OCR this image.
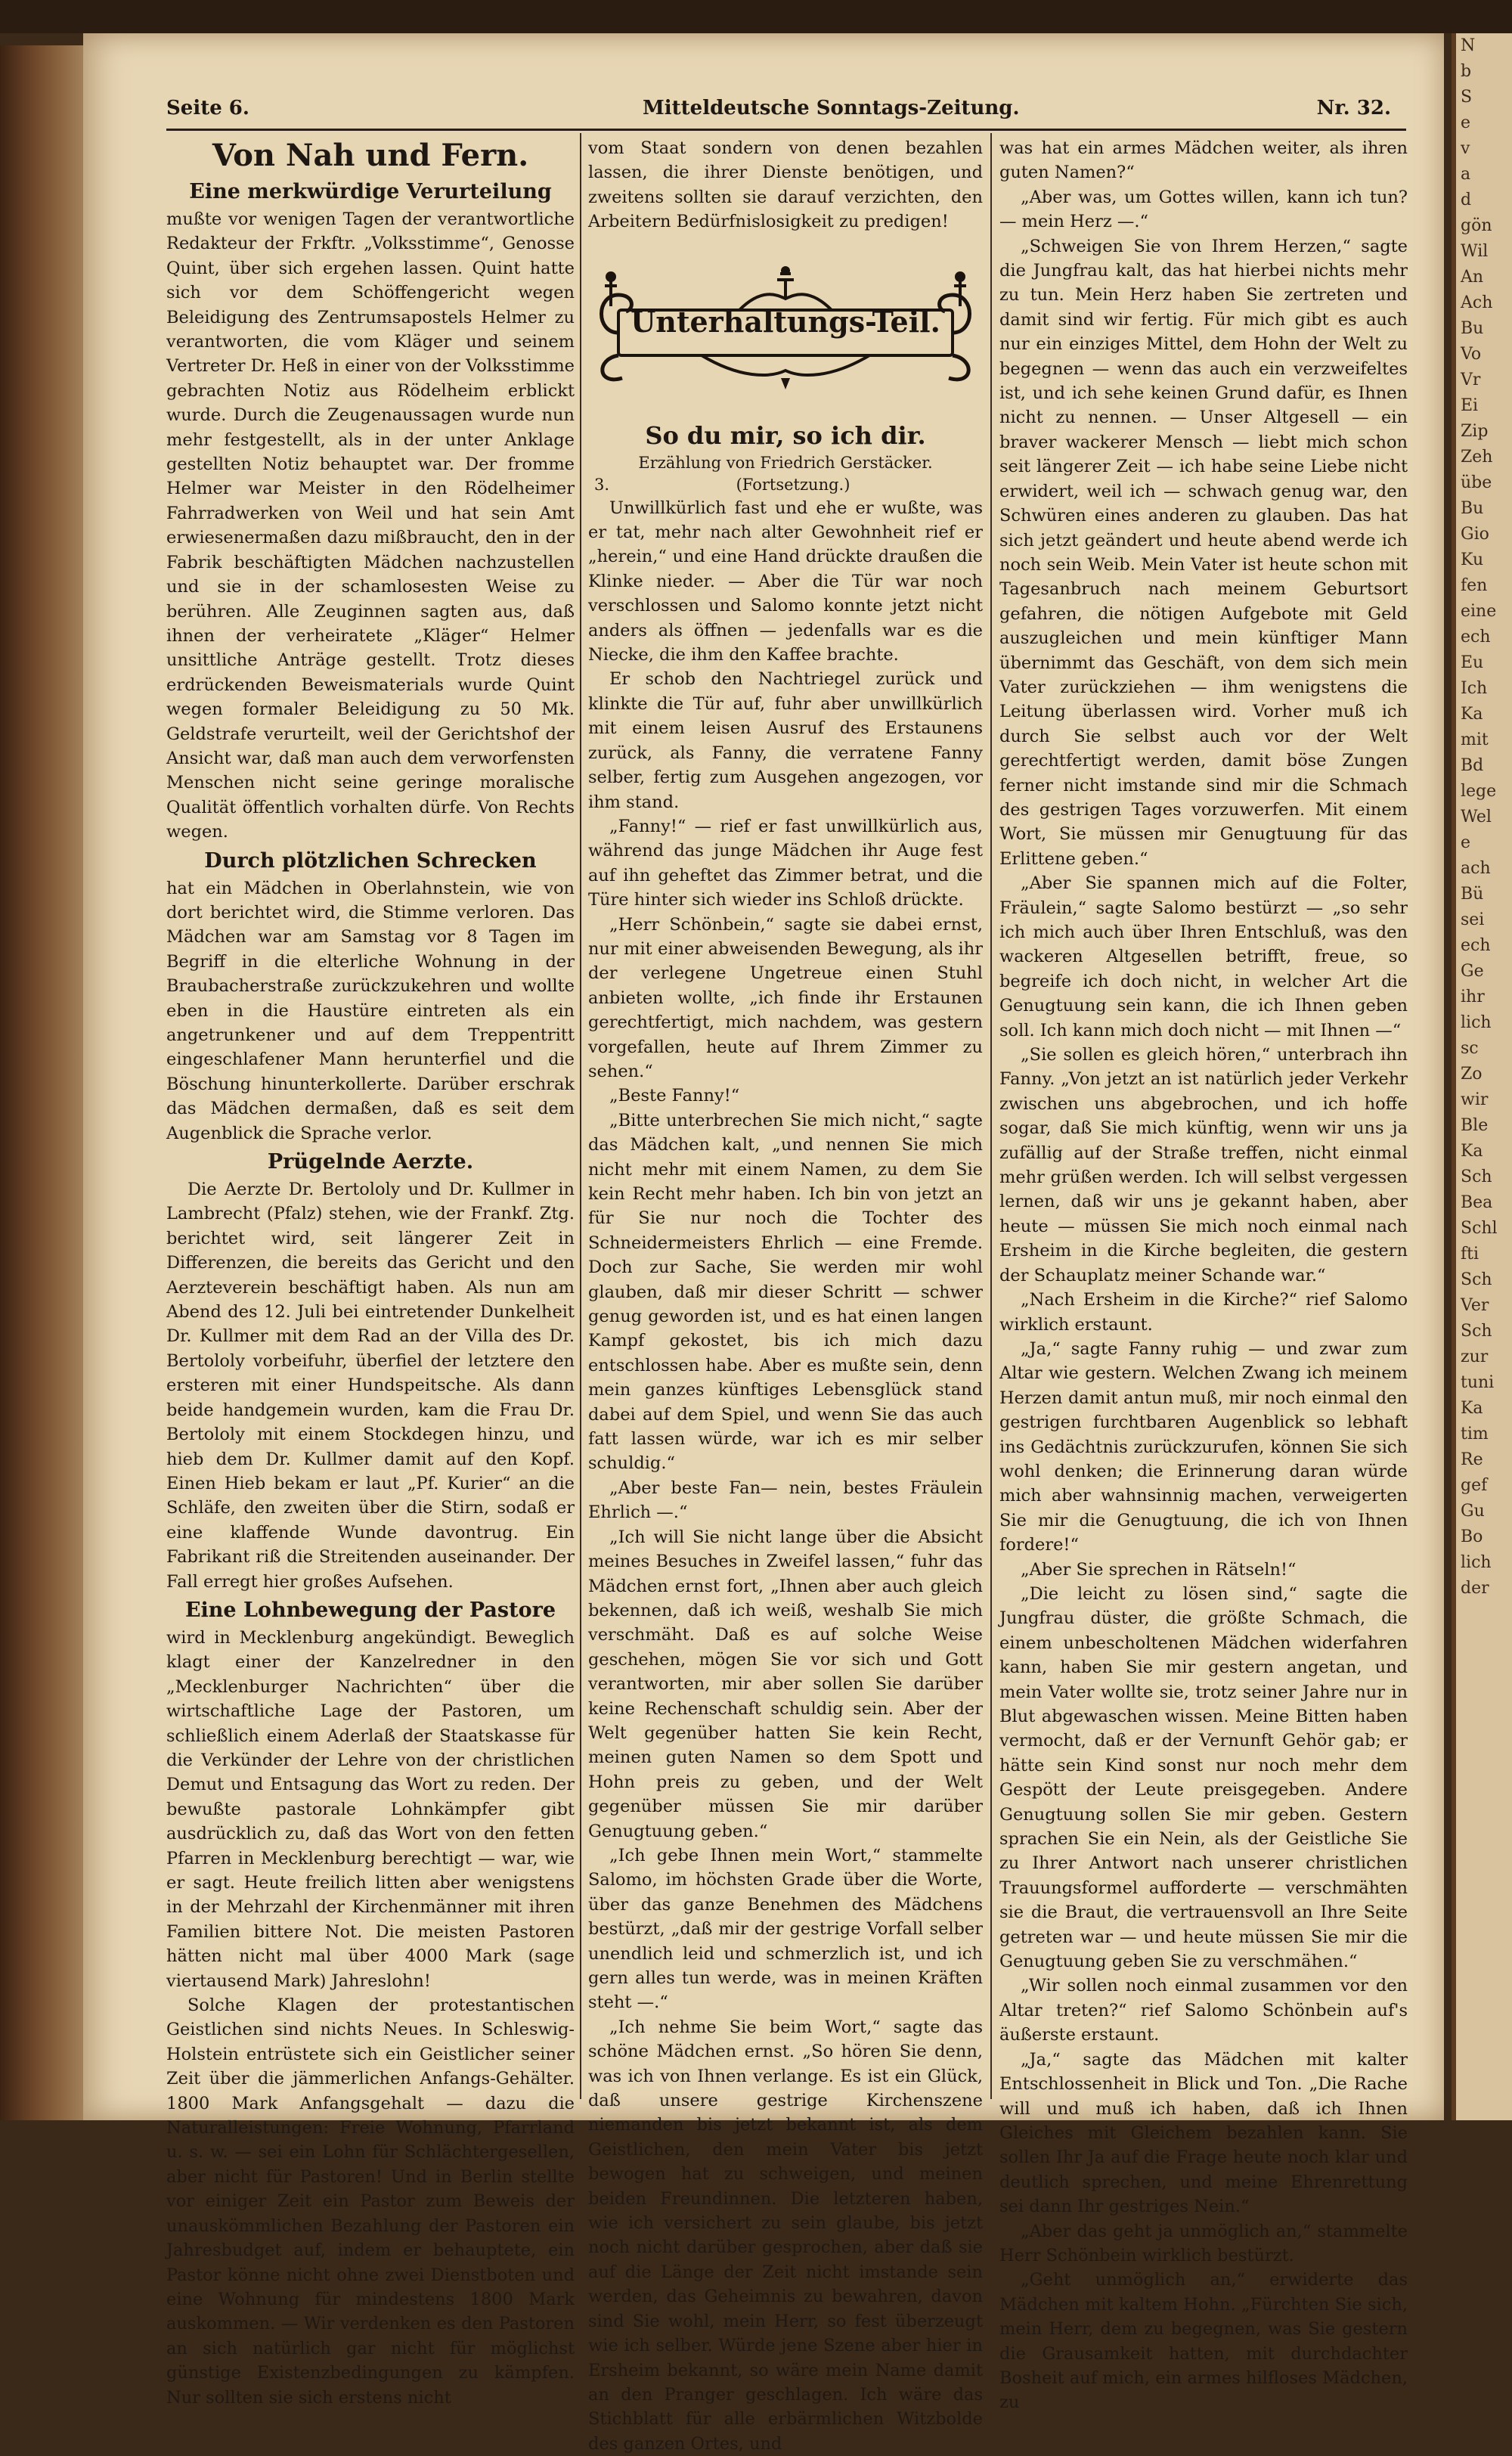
N
b
S
e
v
a
d
gön
Wil
An
Ach
Bu
Vo
Vr
Ei
Zip
Zeh
übe
Bu
Gio
Ku
fen
eine
ech
Eu
Ich
Ka
mit
Bd
lege
Wel
e
ach
Bü
sei
ech
Ge
ihr
lich
sc
Zo
wir
Ble
Ka
Sch
Bea
Schl
fti
Sch
Ver
Sch
zur
tuni
Ka
tim
Re
gef
Gu
Bo
lich
der
Seite 6.	Mitteldeutsche Sonntags-Zeitung.	Nr. 32.
Von Nah und Fern.
Eine merkwürdige Verurteilung

mußte vor wenigen Tagen der verantwortliche Redakteur der Frkftr. „Volksstimme“, Genosse Quint, über sich ergehen lassen. Quint hatte sich vor dem Schöffengericht wegen Beleidigung des Zentrumsapostels Helmer zu verantworten, die vom Kläger und seinem Vertreter Dr. Heß in einer von der Volksstimme gebrachten Notiz aus Rödelheim erblickt wurde. Durch die Zeugenaussagen wurde nun mehr festgestellt, als in der unter Anklage gestellten Notiz behauptet war. Der fromme Helmer war Meister in den Rödelheimer Fahrradwerken von Weil und hat sein Amt erwiesenermaßen dazu mißbraucht, den in der Fabrik beschäftigten Mädchen nachzustellen und sie in der schamlosesten Weise zu berühren. Alle Zeuginnen sagten aus, daß ihnen der verheiratete „Kläger“ Helmer unsittliche Anträge gestellt. Trotz dieses erdrückenden Beweismaterials wurde Quint wegen formaler Beleidigung zu 50 Mk. Geldstrafe verurteilt, weil der Gerichtshof der Ansicht war, daß man auch dem verworfensten Menschen nicht seine geringe moralische Qualität öffentlich vorhalten dürfe. Von Rechts wegen.

Durch plötzlichen Schrecken

hat ein Mädchen in Oberlahnstein, wie von dort berichtet wird, die Stimme verloren. Das Mädchen war am Samstag vor 8 Tagen im Begriff in die elterliche Wohnung in der Braubacherstraße zurückzukehren und wollte eben in die Haustüre eintreten als ein angetrunkener und auf dem Treppentritt eingeschlafener Mann herunterfiel und die Böschung hinunterkollerte. Darüber erschrak das Mädchen dermaßen, daß es seit dem Augenblick die Sprache verlor.

Prügelnde Aerzte.

Die Aerzte Dr. Bertololy und Dr. Kullmer in Lambrecht (Pfalz) stehen, wie der Frankf. Ztg. berichtet wird, seit längerer Zeit in Differenzen, die bereits das Gericht und den Aerzteverein beschäftigt haben. Als nun am Abend des 12. Juli bei eintretender Dunkelheit Dr. Kullmer mit dem Rad an der Villa des Dr. Bertololy vorbeifuhr, überfiel der letztere den ersteren mit einer Hundspeitsche. Als dann beide handgemein wurden, kam die Frau Dr. Bertololy mit einem Stockdegen hinzu, und hieb dem Dr. Kullmer damit auf den Kopf. Einen Hieb bekam er laut „Pf. Kurier“ an die Schläfe, den zweiten über die Stirn, sodaß er eine klaffende Wunde davontrug. Ein Fabrikant riß die Streitenden auseinander. Der Fall erregt hier großes Aufsehen.

Eine Lohnbewegung der Pastore

wird in Mecklenburg angekündigt. Beweglich klagt einer der Kanzelredner in den „Mecklenburger Nachrichten“ über die wirtschaftliche Lage der Pastoren, um schließlich einem Aderlaß der Staatskasse für die Verkünder der Lehre von der christlichen Demut und Entsagung das Wort zu reden. Der bewußte pastorale Lohnkämpfer gibt ausdrücklich zu, daß das Wort von den fetten Pfarren in Mecklenburg berechtigt — war, wie er sagt. Heute freilich litten aber wenigstens in der Mehrzahl der Kirchenmänner mit ihren Familien bittere Not. Die meisten Pastoren hätten nicht mal über 4000 Mark (sage viertausend Mark) Jahreslohn!

Solche Klagen der protestantischen Geistlichen sind nichts Neues. In Schleswig-Holstein entrüstete sich ein Geistlicher seiner Zeit über die jämmerlichen Anfangs-Gehälter. 1800 Mark Anfangsgehalt — dazu die Naturalleistungen: Freie Wohnung, Pfarrland u. s. w. — sei ein Lohn für Schlächtergesellen, aber nicht für Pastoren! Und in Berlin stellte vor einiger Zeit ein Pastor zum Beweis der unauskömmlichen Bezahlung der Pastoren ein Jahresbudget auf, indem er behauptete, ein Pastor könne nicht ohne zwei Dienstboten und eine Wohnung für mindestens 1800 Mark auskommen. — Wir verdenken es den Pastoren an sich natürlich gar nicht für möglichst günstige Existenzbedingungen zu kämpfen. Nur sollten sie sich erstens nicht

vom Staat sondern von denen bezahlen lassen, die ihrer Dienste benötigen, und zweitens sollten sie darauf verzichten, den Arbeitern Bedürfnislosigkeit zu predigen!

Unterhaltungs-Teil.
So du mir, so ich dir.
Erzählung von Friedrich Gerstäcker.
3.	(Fortsetzung.)

Unwillkürlich fast und ehe er wußte, was er tat, mehr nach alter Gewohnheit rief er „herein,“ und eine Hand drückte draußen die Klinke nieder. — Aber die Tür war noch verschlossen und Salomo konnte jetzt nicht anders als öffnen — jedenfalls war es die Niecke, die ihm den Kaffee brachte.

Er schob den Nachtriegel zurück und klinkte die Tür auf, fuhr aber unwillkürlich mit einem leisen Ausruf des Erstaunens zurück, als Fanny, die verratene Fanny selber, fertig zum Ausgehen angezogen, vor ihm stand.

„Fanny!“ — rief er fast unwillkürlich aus, während das junge Mädchen ihr Auge fest auf ihn geheftet das Zimmer betrat, und die Türe hinter sich wieder ins Schloß drückte.

„Herr Schönbein,“ sagte sie dabei ernst, nur mit einer abweisenden Bewegung, als ihr der verlegene Ungetreue einen Stuhl anbieten wollte, „ich finde ihr Erstaunen gerechtfertigt, mich nachdem, was gestern vorgefallen, heute auf Ihrem Zimmer zu sehen.“

„Beste Fanny!“

„Bitte unterbrechen Sie mich nicht,“ sagte das Mädchen kalt, „und nennen Sie mich nicht mehr mit einem Namen, zu dem Sie kein Recht mehr haben. Ich bin von jetzt an für Sie nur noch die Tochter des Schneidermeisters Ehrlich — eine Fremde. Doch zur Sache, Sie werden mir wohl glauben, daß mir dieser Schritt — schwer genug geworden ist, und es hat einen langen Kampf gekostet, bis ich mich dazu entschlossen habe. Aber es mußte sein, denn mein ganzes künftiges Lebensglück stand dabei auf dem Spiel, und wenn Sie das auch fatt lassen würde, war ich es mir selber schuldig.“

„Aber beste Fan— nein, bestes Fräulein Ehrlich —.“

„Ich will Sie nicht lange über die Absicht meines Besuches in Zweifel lassen,“ fuhr das Mädchen ernst fort, „Ihnen aber auch gleich bekennen, daß ich weiß, weshalb Sie mich verschmäht. Daß es auf solche Weise geschehen, mögen Sie vor sich und Gott verantworten, mir aber sollen Sie darüber keine Rechenschaft schuldig sein. Aber der Welt gegenüber hatten Sie kein Recht, meinen guten Namen so dem Spott und Hohn preis zu geben, und der Welt gegenüber müssen Sie mir darüber Genugtuung geben.“

„Ich gebe Ihnen mein Wort,“ stammelte Salomo, im höchsten Grade über die Worte, über das ganze Benehmen des Mädchens bestürzt, „daß mir der gestrige Vorfall selber unendlich leid und schmerzlich ist, und ich gern alles tun werde, was in meinen Kräften steht —.“

„Ich nehme Sie beim Wort,“ sagte das schöne Mädchen ernst. „So hören Sie denn, was ich von Ihnen verlange. Es ist ein Glück, daß unsere gestrige Kirchenszene niemanden bis jetzt bekannt ist, als dem Geistlichen, den mein Vater bis jetzt bewogen hat zu schweigen, und meinen beiden Freundinnen. Die letzteren haben, wie ich versichert zu sein glaube, bis jetzt noch nicht darüber gesprochen, aber daß sie auf die Länge der Zeit nicht imstande sein werden, das Geheimnis zu bewahren, davon sind Sie wohl, mein Herr, so fest überzeugt wie ich selber. Würde jene Szene aber hier in Ersheim bekannt, so wäre mein Name damit an den Pranger geschlagen. Ich wäre das Stichblatt für alle erbärmlichen Witzbolde des ganzen Ortes, und

was hat ein armes Mädchen weiter, als ihren guten Namen?“

„Aber was, um Gottes willen, kann ich tun? — mein Herz —.“

„Schweigen Sie von Ihrem Herzen,“ sagte die Jungfrau kalt, das hat hierbei nichts mehr zu tun. Mein Herz haben Sie zertreten und damit sind wir fertig. Für mich gibt es auch nur ein einziges Mittel, dem Hohn der Welt zu begegnen — wenn das auch ein verzweifeltes ist, und ich sehe keinen Grund dafür, es Ihnen nicht zu nennen. — Unser Altgesell — ein braver wackerer Mensch — liebt mich schon seit längerer Zeit — ich habe seine Liebe nicht erwidert, weil ich — schwach genug war, den Schwüren eines anderen zu glauben. Das hat sich jetzt geändert und heute abend werde ich noch sein Weib. Mein Vater ist heute schon mit Tagesanbruch nach meinem Geburtsort gefahren, die nötigen Aufgebote mit Geld auszugleichen und mein künftiger Mann übernimmt das Geschäft, von dem sich mein Vater zurückziehen — ihm wenigstens die Leitung überlassen wird. Vorher muß ich durch Sie selbst auch vor der Welt gerechtfertigt werden, damit böse Zungen ferner nicht imstande sind mir die Schmach des gestrigen Tages vorzuwerfen. Mit einem Wort, Sie müssen mir Genugtuung für das Erlittene geben.“

„Aber Sie spannen mich auf die Folter, Fräulein,“ sagte Salomo bestürzt — „so sehr ich mich auch über Ihren Entschluß, was den wackeren Altgesellen betrifft, freue, so begreife ich doch nicht, in welcher Art die Genugtuung sein kann, die ich Ihnen geben soll. Ich kann mich doch nicht — mit Ihnen —“

„Sie sollen es gleich hören,“ unterbrach ihn Fanny. „Von jetzt an ist natürlich jeder Verkehr zwischen uns abgebrochen, und ich hoffe sogar, daß Sie mich künftig, wenn wir uns ja zufällig auf der Straße treffen, nicht einmal mehr grüßen werden. Ich will selbst vergessen lernen, daß wir uns je gekannt haben, aber heute — müssen Sie mich noch einmal nach Ersheim in die Kirche begleiten, die gestern der Schauplatz meiner Schande war.“

„Nach Ersheim in die Kirche?“ rief Salomo wirklich erstaunt.

„Ja,“ sagte Fanny ruhig — und zwar zum Altar wie gestern. Welchen Zwang ich meinem Herzen damit antun muß, mir noch einmal den gestrigen furchtbaren Augenblick so lebhaft ins Gedächtnis zurückzurufen, können Sie sich wohl denken; die Erinnerung daran würde mich aber wahnsinnig machen, verweigerten Sie mir die Genugtuung, die ich von Ihnen fordere!“

„Aber Sie sprechen in Rätseln!“

„Die leicht zu lösen sind,“ sagte die Jungfrau düster, die größte Schmach, die einem unbescholtenen Mädchen widerfahren kann, haben Sie mir gestern angetan, und mein Vater wollte sie, trotz seiner Jahre nur in Blut abgewaschen wissen. Meine Bitten haben vermocht, daß er der Vernunft Gehör gab; er hätte sein Kind sonst nur noch mehr dem Gespött der Leute preisgegeben. Andere Genugtuung sollen Sie mir geben. Gestern sprachen Sie ein Nein, als der Geistliche Sie zu Ihrer Antwort nach unserer christlichen Trauungsformel aufforderte — verschmähten sie die Braut, die vertrauensvoll an Ihre Seite getreten war — und heute müssen Sie mir die Genugtuung geben Sie zu verschmähen.“

„Wir sollen noch einmal zusammen vor den Altar treten?“ rief Salomo Schönbein auf's äußerste erstaunt.

„Ja,“ sagte das Mädchen mit kalter Entschlossenheit in Blick und Ton. „Die Rache will und muß ich haben, daß ich Ihnen Gleiches mit Gleichem bezahlen kann. Sie sollen Ihr Ja auf die Frage heute noch klar und deutlich sprechen, und meine Ehrenrettung sei dann Ihr gestriges Nein.“

„Aber das geht ja unmöglich an,“ stammelte Herr Schönbein wirklich bestürzt.

„Geht unmöglich an,“ erwiderte das Mädchen mit kaltem Hohn. „Fürchten Sie sich, mein Herr, dem zu begegnen, was Sie gestern die Grausamkeit hatten, mit durchdachter Bosheit auf mich, ein armes hilfloses Mädchen, zu
